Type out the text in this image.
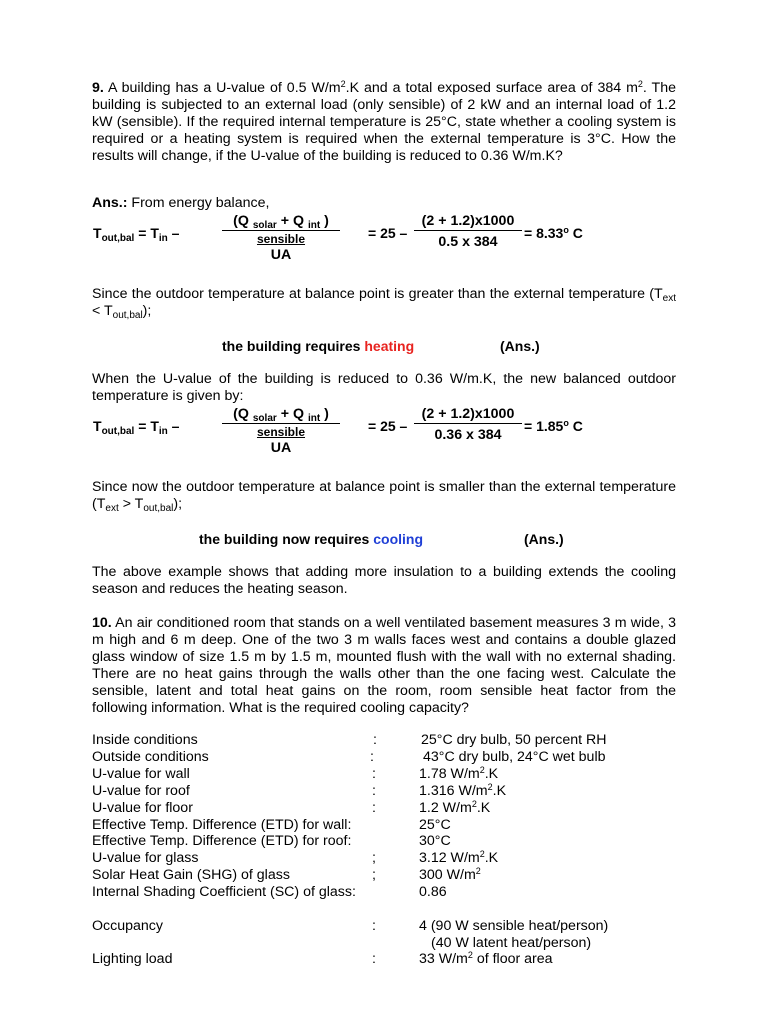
9. A building has a U-value of 0.5 $W/m^2.K$ and a total exposed surface area of 384 $m^2$. The building is subjected to an external load (only sensible) of 2 kW and an internal load of 1.2 kW (sensible). If the required internal temperature is 25°C, state whether a cooling system is required or a heating system is required when the external temperature is 3°C. How the results will change, if the U-value of the building is reduced to 0.36 W/m.K?

Ans.: From energy balance,
$T_{out,bal} = T_{in}$ –
(Q $_{solar}$ + Q $_{int}$ )
sensible
UA
= $25 - \frac{(2 + 1.2)x1000}{0.5 x 384} = 8.33^o$ C

Since the outdoor temperature at balance point is greater than the external temperature $(T_{ext} < T_{out,bal})$;

the building requires heating	(Ans.)

When the U-value of the building is reduced to 0.36 W/m.K, the new balanced outdoor temperature is given by:

$T_{out,bal} = T_{in}$ –
(Q $_{solar}$ + Q $_{int}$ )
sensible
UA
= $25 - \frac{(2 + 1.2)x1000}{0.36 x 384} = 1.85^o$ C

Since now the outdoor temperature at balance point is smaller than the external temperature $(T_{ext} > T_{out,bal})$;

the building now requires cooling	(Ans.)

The above example shows that adding more insulation to a building extends the cooling season and reduces the heating season.

10. An air conditioned room that stands on a well ventilated basement measures 3 m wide, 3 m high and 6 m deep. One of the two 3 m walls faces west and contains a double glazed glass window of size 1.5 m by 1.5 m, mounted flush with the wall with no external shading. There are no heat gains through the walls other than the one facing west. Calculate the sensible, latent and total heat gains on the room, room sensible heat factor from the following information. What is the required cooling capacity?

Inside conditions	:	25°C dry bulb, 50 percent RH
Outside conditions	:	43°C dry bulb, 24°C wet bulb
U-value for wall	:	1.78 $W/m^2.K$
U-value for roof	:	1.316 $W/m^2.K$
U-value for floor	:	1.2 $W/m^2.K$
Effective Temp. Difference (ETD) for wall:	25°C
Effective Temp. Difference (ETD) for roof:	30°C
U-value for glass	;	3.12 $W/m^2.K$
Solar Heat Gain (SHG) of glass	;	300 $W/m^2$
Internal Shading Coefficient (SC) of glass:	0.86
Occupancy	:	4 (90 W sensible heat/person)
(40 W latent heat/person)
Lighting load	:	33 $W/m^2$ of floor area
